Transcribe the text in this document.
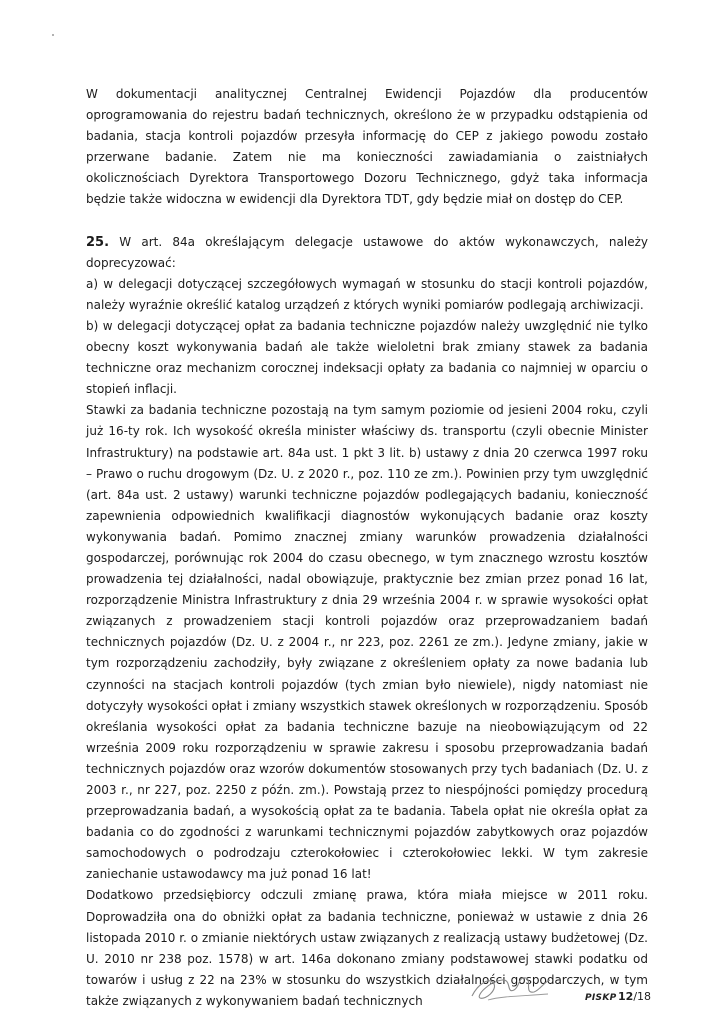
W dokumentacji analitycznej Centralnej Ewidencji Pojazdów dla producentów oprogramowania do rejestru badań technicznych, określono że w przypadku odstąpienia od badania, stacja kontroli pojazdów przesyła informację do CEP z jakiego powodu zostało przerwane badanie. Zatem nie ma konieczności zawiadamiania o zaistniałych okolicznościach Dyrektora Transportowego Dozoru Technicznego, gdyż taka informacja będzie także widoczna w ewidencji dla Dyrektora TDT, gdy będzie miał on dostęp do CEP.

25. W art. 84a określającym delegacje ustawowe do aktów wykonawczych, należy doprecyzować:

a) w delegacji dotyczącej szczegółowych wymagań w stosunku do stacji kontroli pojazdów, należy wyraźnie określić katalog urządzeń z których wyniki pomiarów podlegają archiwizacji.

b) w delegacji dotyczącej opłat za badania techniczne pojazdów należy uwzględnić nie tylko obecny koszt wykonywania badań ale także wieloletni brak zmiany stawek za badania techniczne oraz mechanizm corocznej indeksacji opłaty za badania co najmniej w oparciu o stopień inflacji.

Stawki za badania techniczne pozostają na tym samym poziomie od jesieni 2004 roku, czyli już 16-ty rok. Ich wysokość określa minister właściwy ds. transportu (czyli obecnie Minister Infrastruktury) na podstawie art. 84a ust. 1 pkt 3 lit. b) ustawy z dnia 20 czerwca 1997 roku – Prawo o ruchu drogowym (Dz. U. z 2020 r., poz. 110 ze zm.). Powinien przy tym uwzględnić (art. 84a ust. 2 ustawy) warunki techniczne pojazdów podlegających badaniu, konieczność zapewnienia odpowiednich kwalifikacji diagnostów wykonujących badanie oraz koszty wykonywania badań. Pomimo znacznej zmiany warunków prowadzenia działalności gospodarczej, porównując rok 2004 do czasu obecnego, w tym znacznego wzrostu kosztów prowadzenia tej działalności, nadal obowiązuje, praktycznie bez zmian przez ponad 16 lat, rozporządzenie Ministra Infrastruktury z dnia 29 września 2004 r. w sprawie wysokości opłat związanych z prowadzeniem stacji kontroli pojazdów oraz przeprowadzaniem badań technicznych pojazdów (Dz. U. z 2004 r., nr 223, poz. 2261 ze zm.). Jedyne zmiany, jakie w tym rozporządzeniu zachodziły, były związane z określeniem opłaty za nowe badania lub czynności na stacjach kontroli pojazdów (tych zmian było niewiele), nigdy natomiast nie dotyczyły wysokości opłat i zmiany wszystkich stawek określonych w rozporządzeniu. Sposób określania wysokości opłat za badania techniczne bazuje na nieobowiązującym od 22 września 2009 roku rozporządzeniu w sprawie zakresu i sposobu przeprowadzania badań technicznych pojazdów oraz wzorów dokumentów stosowanych przy tych badaniach (Dz. U. z 2003 r., nr 227, poz. 2250 z późn. zm.). Powstają przez to niespójności pomiędzy procedurą przeprowadzania badań, a wysokością opłat za te badania. Tabela opłat nie określa opłat za badania co do zgodności z warunkami technicznymi pojazdów zabytkowych oraz pojazdów samochodowych o podrodzaju czterokołowiec i czterokołowiec lekki. W tym zakresie zaniechanie ustawodawcy ma już ponad 16 lat!

Dodatkowo przedsiębiorcy odczuli zmianę prawa, która miała miejsce w 2011 roku. Doprowadziła ona do obniżki opłat za badania techniczne, ponieważ w ustawie z dnia 26 listopada 2010 r. o zmianie niektórych ustaw związanych z realizacją ustawy budżetowej (Dz. U. 2010 nr 238 poz. 1578) w art. 146a dokonano zmiany podstawowej stawki podatku od towarów i usług z 22 na 23% w stosunku do wszystkich działalności gospodarczych, w tym także związanych z wykonywaniem badań technicznych	PISKP 12/18
